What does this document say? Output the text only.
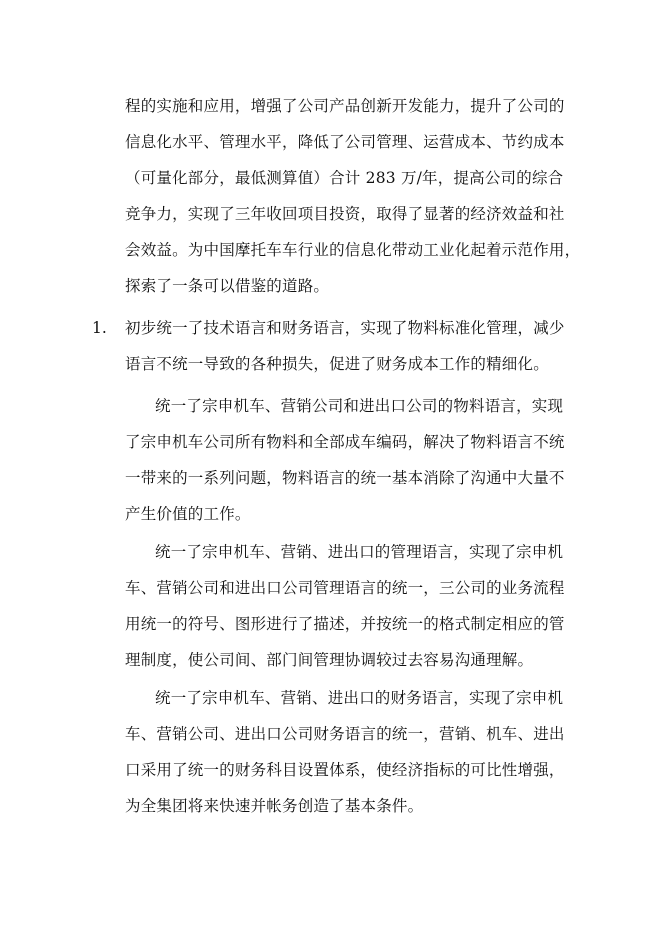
程的实施和应用，增强了公司产品创新开发能力，提升了公司的
信息化水平、管理水平，降低了公司管理、运营成本、节约成本
（可量化部分，最低测算值）合计 283 万/年，提高公司的综合
竞争力，实现了三年收回项目投资，取得了显著的经济效益和社
会效益。为中国摩托车车行业的信息化带动工业化起着示范作用，
探索了一条可以借鉴的道路。
1. 初步统一了技术语言和财务语言，实现了物料标准化管理，减少
语言不统一导致的各种损失，促进了财务成本工作的精细化。
统一了宗申机车、营销公司和进出口公司的物料语言，实现
了宗申机车公司所有物料和全部成车编码，解决了物料语言不统
一带来的一系列问题，物料语言的统一基本消除了沟通中大量不
产生价值的工作。
统一了宗申机车、营销、进出口的管理语言，实现了宗申机
车、营销公司和进出口公司管理语言的统一，三公司的业务流程
用统一的符号、图形进行了描述，并按统一的格式制定相应的管
理制度，使公司间、部门间管理协调较过去容易沟通理解。
统一了宗申机车、营销、进出口的财务语言，实现了宗申机
车、营销公司、进出口公司财务语言的统一，营销、机车、进出
口采用了统一的财务科目设置体系，使经济指标的可比性增强，
为全集团将来快速并帐务创造了基本条件。
